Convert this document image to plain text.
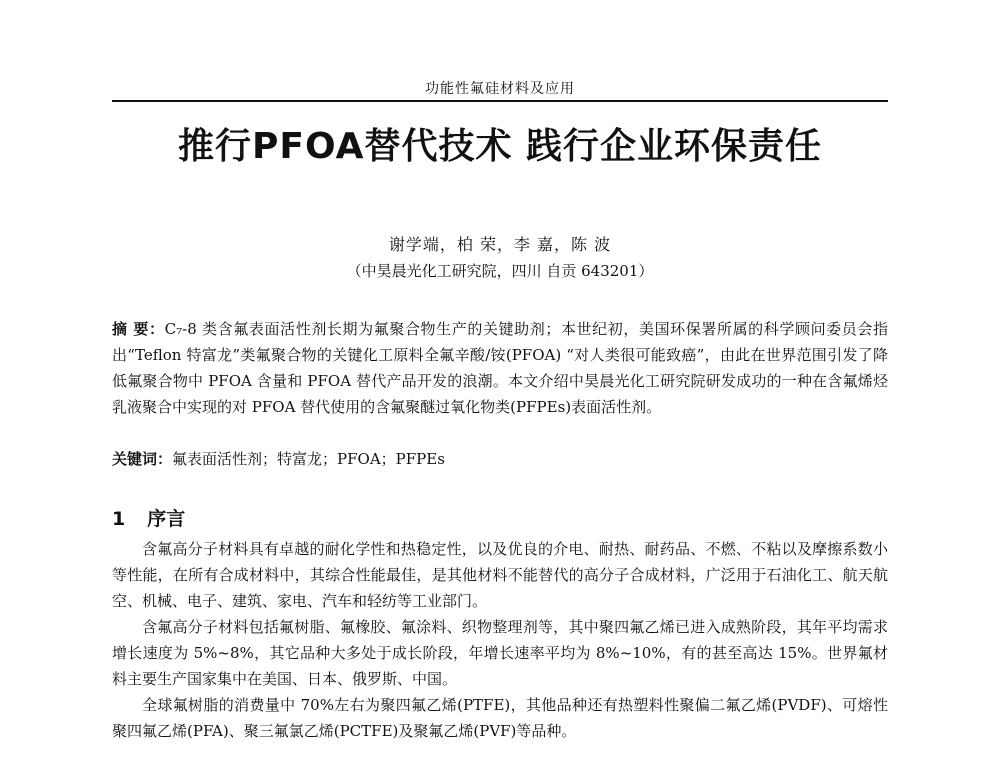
功能性氟硅材料及应用
推行PFOA替代技术 践行企业环保责任
谢学端，柏 荣，李 嘉，陈 波
（中昊晨光化工研究院，四川 自贡 643201）
摘 要：C₇-8 类含氟表面活性剂长期为氟聚合物生产的关键助剂；本世纪初，美国环保署所属的科学顾问委员会指出“Teflon 特富龙”类氟聚合物的关键化工原料全氟辛酸/铵(PFOA) “对人类很可能致癌”，由此在世界范围引发了降低氟聚合物中 PFOA 含量和 PFOA 替代产品开发的浪潮。本文介绍中昊晨光化工研究院研发成功的一种在含氟烯烃乳液聚合中实现的对 PFOA 替代使用的含氟聚醚过氧化物类(PFPEs)表面活性剂。
关键词：氟表面活性剂；特富龙；PFOA；PFPEs
1 序言

含氟高分子材料具有卓越的耐化学性和热稳定性，以及优良的介电、耐热、耐药品、不燃、不粘以及摩擦系数小等性能，在所有合成材料中，其综合性能最佳，是其他材料不能替代的高分子合成材料，广泛用于石油化工、航天航空、机械、电子、建筑、家电、汽车和轻纺等工业部门。

含氟高分子材料包括氟树脂、氟橡胶、氟涂料、织物整理剂等，其中聚四氟乙烯已进入成熟阶段，其年平均需求增长速度为 5%~8%，其它品种大多处于成长阶段，年增长速率平均为 8%~10%，有的甚至高达 15%。世界氟材料主要生产国家集中在美国、日本、俄罗斯、中国。

全球氟树脂的消费量中 70%左右为聚四氟乙烯(PTFE)，其他品种还有热塑料性聚偏二氟乙烯(PVDF)、可熔性聚四氟乙烯(PFA)、聚三氟氯乙烯(PCTFE)及聚氟乙烯(PVF)等品种。
